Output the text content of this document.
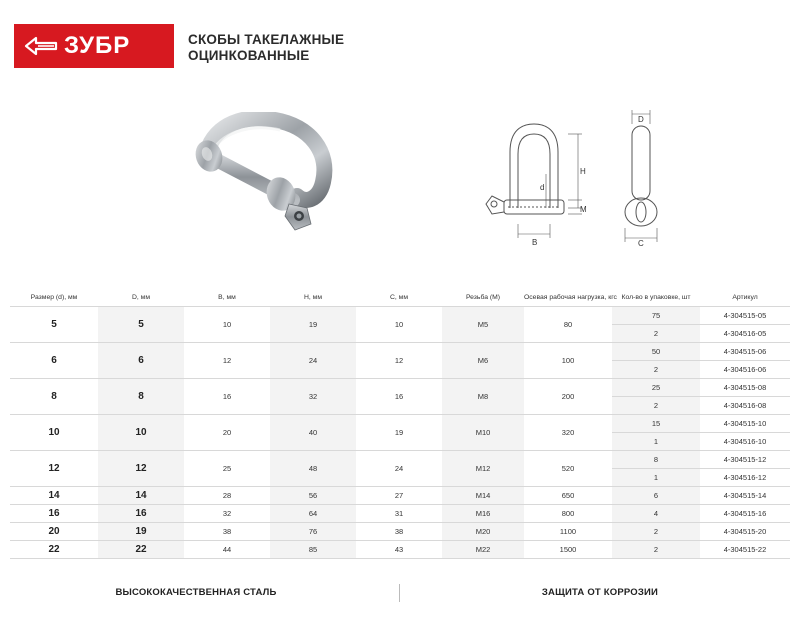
ЗУБР	СКОБЫ ТАКЕЛАЖНЫЕ
ОЦИНКОВАННЫЕ
H
M
d
B
D
C
Размер (d), мм	D, мм	B, мм	H, мм	C, мм	Резьба (M)	Осевая рабочая нагрузка, кгс	Кол-во в упаковке, шт	Артикул
5	5	10	19	10	M5	80	75	4-304515-05
							2	4-304516-05
6	6	12	24	12	M6	100	50	4-304515-06
							2	4-304516-06
8	8	16	32	16	M8	200	25	4-304515-08
							2	4-304516-08
10	10	20	40	19	M10	320	15	4-304515-10
							1	4-304516-10
12	12	25	48	24	M12	520	8	4-304515-12
							1	4-304516-12
14	14	28	56	27	M14	650	6	4-304515-14
16	16	32	64	31	M16	800	4	4-304515-16
20	19	38	76	38	M20	1100	2	4-304515-20
22	22	44	85	43	M22	1500	2	4-304515-22
ВЫСОКОКАЧЕСТВЕННАЯ СТАЛЬ	ЗАЩИТА ОТ КОРРОЗИИ
